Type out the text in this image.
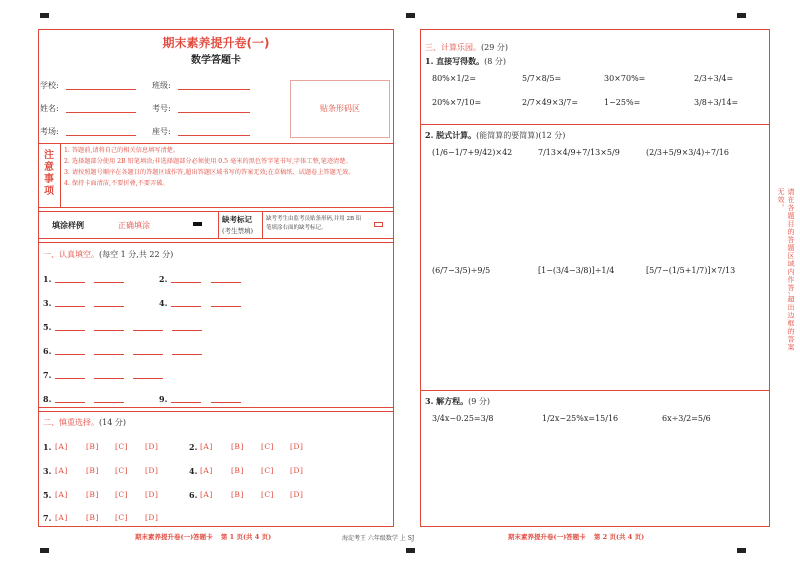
期末素养提升卷(一)
数学答题卡
学校:	班级:
姓名:	考号:
考场:	座号:
贴条形码区
注
意
事
项
1. 答题前,请将自己的相关信息填写清楚。
2. 选择题部分使用 2B 铅笔填涂;非选择题部分必须使用 0.5 毫米的黑色签字笔书写,字体工整,笔迹清楚。
3. 请按照题号顺序在各题目的答题区域作答,超出答题区域书写的答案无效;在草稿纸、试题卷上答题无效。
4. 保持卡面清洁,不要折叠,不要弄破。
填涂样例	正确填涂
缺考标记
(考生禁填)
缺考考生由监考员贴条形码,并用 2B 铅笔填涂右面的缺考标记。
一、认真填空。(每空 1 分,共 22 分)
1.	2.
3.	4.
5.
6.
7.
8.	9.
二、慎重选择。(14 分)
1. [A] [B] [C] [D]	2. [A] [B] [C] [D]
3. [A] [B] [C] [D]	4. [A] [B] [C] [D]
5. [A] [B] [C] [D]	6. [A] [B] [C] [D]
7. [A] [B] [C] [D]
三、计算乐园。(29 分)
1. 直接写得数。(8 分)
80%×1/2=	5/7×8/5=	30×70%=	2/3÷3/4=
20%×7/10=	2/7×49×3/7=	1−25%=	3/8÷3/14=
2. 脱式计算。(能简算的要简算)(12 分)
(1/6−1/7+9/42)×42	7/13×4/9+7/13×5/9	(2/3+5/9×3/4)÷7/16
(6/7−3/5)÷9/5	[1−(3/4−3/8)]÷1/4	[5/7−(1/5+1/7)]×7/13
3. 解方程。(9 分)
3/4x−0.25=3/8	1/2x−25%x=15/16	6x÷3/2=5/6
请在各题目的答题区域内作答,超出边框的答案无效。
期末素养提升卷(一)答题卡 第 1 页(共 4 页)	海淀考王 六年级数学 上 SJ	期末素养提升卷(一)答题卡 第 2 页(共 4 页)
